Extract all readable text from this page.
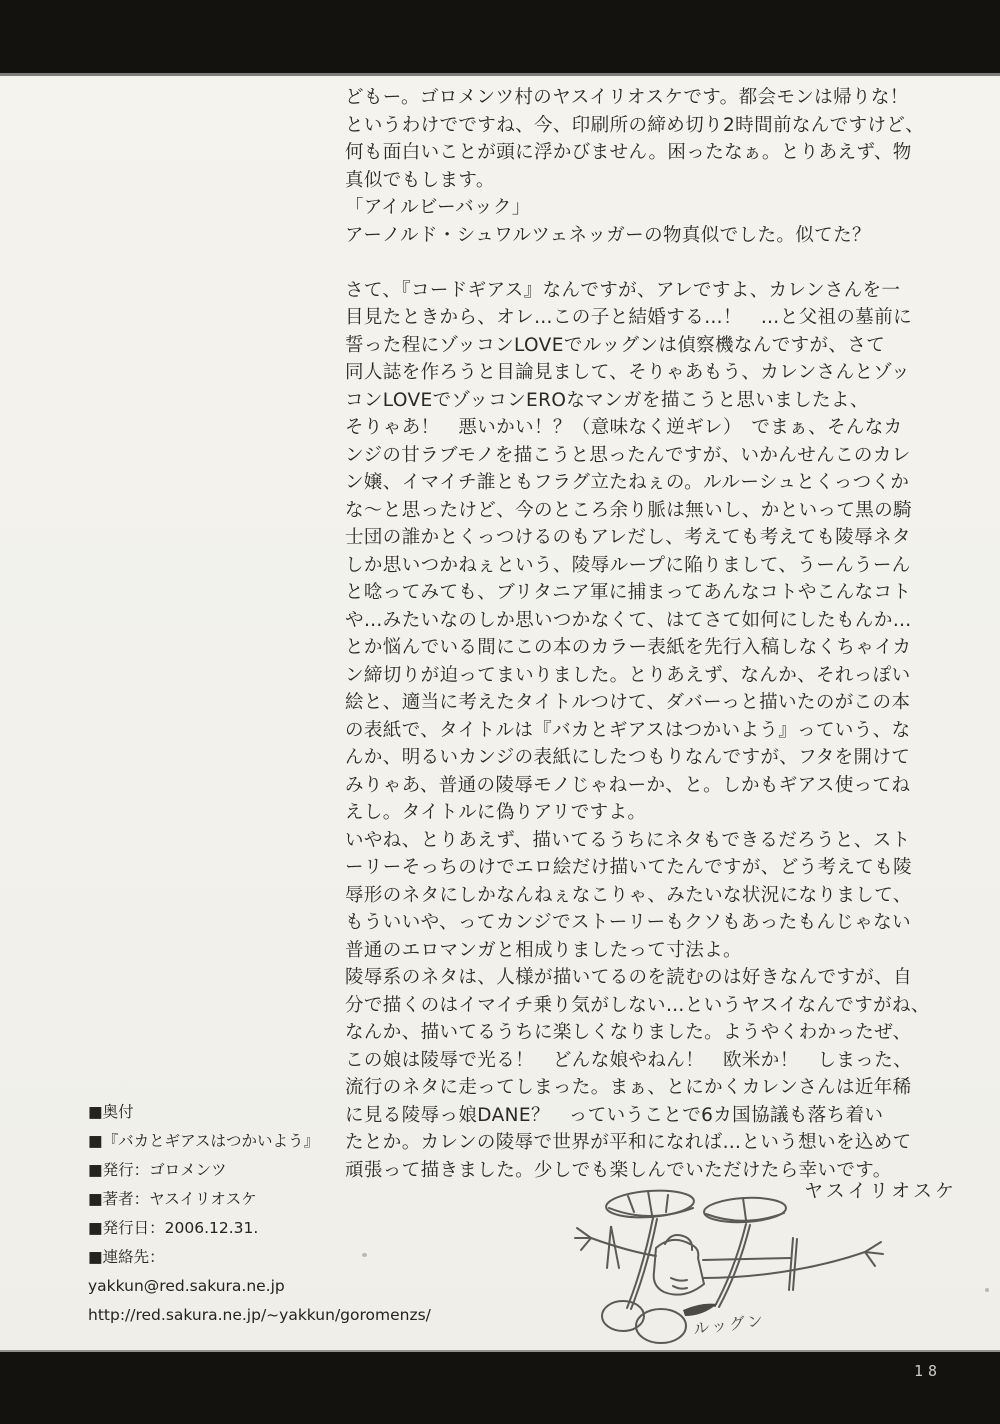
どもー。ゴロメンツ村のヤスイリオスケです。都会モンは帰りな！
というわけでですね、今、印刷所の締め切り2時間前なんですけど、
何も面白いことが頭に浮かびません。困ったなぁ。とりあえず、物
真似でもします。
「アイルビーバック」
アーノルド・シュワルツェネッガーの物真似でした。似てた？
さて、『コードギアス』なんですが、アレですよ、カレンさんを一
目見たときから、オレ…この子と結婚する…！　…と父祖の墓前に
誓った程にゾッコンLOVEでルッグンは偵察機なんですが、さて
同人誌を作ろうと目論見まして、そりゃあもう、カレンさんとゾッ
コンLOVEでゾッコンEROなマンガを描こうと思いましたよ、
そりゃあ！　悪いかい！？（意味なく逆ギレ）　でまぁ、そんなカ
ンジの甘ラブモノを描こうと思ったんですが、いかんせんこのカレ
ン嬢、イマイチ誰ともフラグ立たねぇの。ルルーシュとくっつくか
な〜と思ったけど、今のところ余り脈は無いし、かといって黒の騎
士団の誰かとくっつけるのもアレだし、考えても考えても陵辱ネタ
しか思いつかねぇという、陵辱ループに陥りまして、うーんうーん
と唸ってみても、ブリタニア軍に捕まってあんなコトやこんなコト
や…みたいなのしか思いつかなくて、はてさて如何にしたもんか…
とか悩んでいる間にこの本のカラー表紙を先行入稿しなくちゃイカ
ン締切りが迫ってまいりました。とりあえず、なんか、それっぽい
絵と、適当に考えたタイトルつけて、ダバーっと描いたのがこの本
の表紙で、タイトルは『バカとギアスはつかいよう』っていう、な
んか、明るいカンジの表紙にしたつもりなんですが、フタを開けて
みりゃあ、普通の陵辱モノじゃねーか、と。しかもギアス使ってね
えし。タイトルに偽りアリですよ。
いやね、とりあえず、描いてるうちにネタもできるだろうと、スト
ーリーそっちのけでエロ絵だけ描いてたんですが、どう考えても陵
辱形のネタにしかなんねぇなこりゃ、みたいな状況になりまして、
もういいや、ってカンジでストーリーもクソもあったもんじゃない
普通のエロマンガと相成りましたって寸法よ。
陵辱系のネタは、人様が描いてるのを読むのは好きなんですが、自
分で描くのはイマイチ乗り気がしない…というヤスイなんですがね、
なんか、描いてるうちに楽しくなりました。ようやくわかったぜ、
この娘は陵辱で光る！　どんな娘やねん！　欧米か！　しまった、
流行のネタに走ってしまった。まぁ、とにかくカレンさんは近年稀
に見る陵辱っ娘DANE？　っていうことで6カ国協議も落ち着い
たとか。カレンの陵辱で世界が平和になれば…という想いを込めて
頑張って描きました。少しでも楽しんでいただけたら幸いです。
ヤスイリオスケ
■奥付
■『バカとギアスはつかいよう』
■発行：ゴロメンツ
■著者：ヤスイリオスケ
■発行日：2006.12.31.
■連絡先：
yakkun@red.sakura.ne.jp
http://red.sakura.ne.jp/~yakkun/goromenzs/	ルッグン
18
